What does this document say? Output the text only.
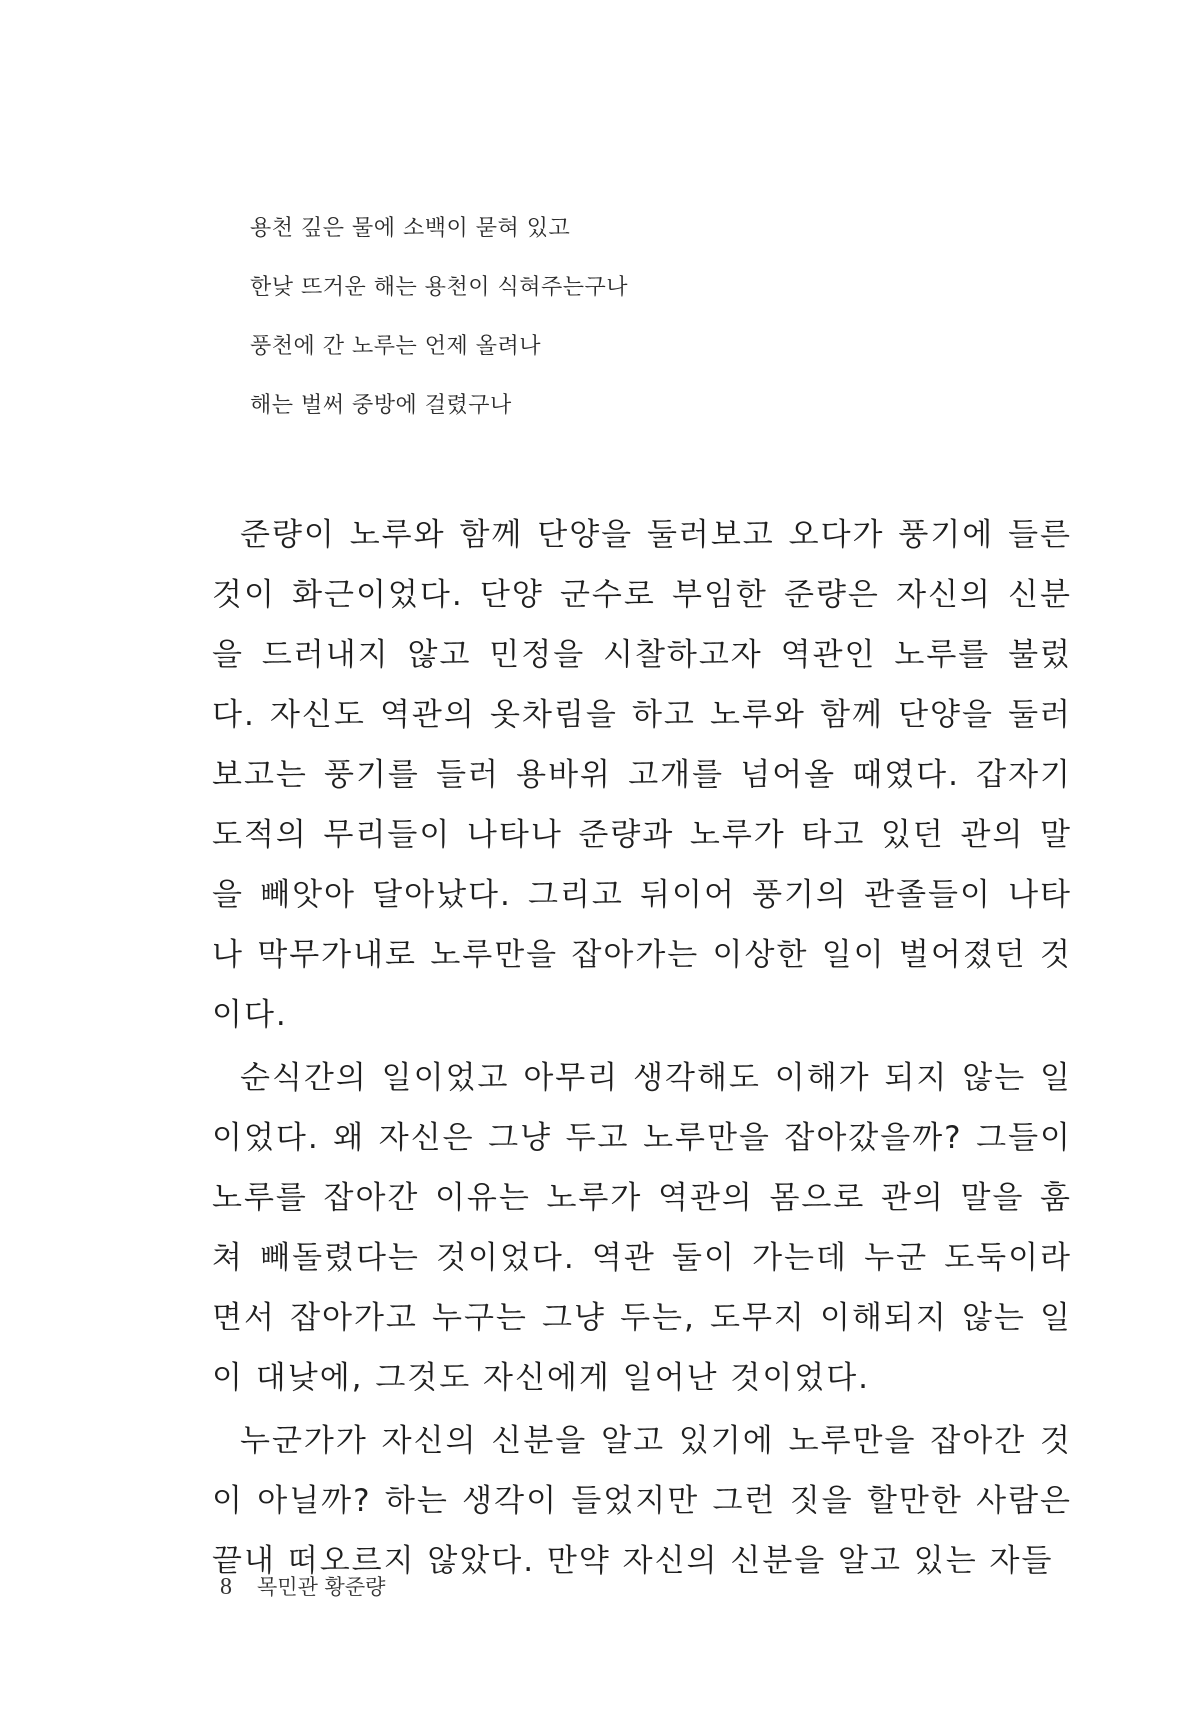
용천 깊은 물에 소백이 묻혀 있고

한낮 뜨거운 해는 용천이 식혀주는구나

풍천에 간 노루는 언제 올려나

해는 벌써 중방에 걸렸구나

준량이 노루와 함께 단양을 둘러보고 오다가 풍기에 들른 것이 화근이었다. 단양 군수로 부임한 준량은 자신의 신분을 드러내지 않고 민정을 시찰하고자 역관인 노루를 불렀다. 자신도 역관의 옷차림을 하고 노루와 함께 단양을 둘러보고는 풍기를 들러 용바위 고개를 넘어올 때였다. 갑자기 도적의 무리들이 나타나 준량과 노루가 타고 있던 관의 말을 빼앗아 달아났다. 그리고 뒤이어 풍기의 관졸들이 나타나 막무가내로 노루만을 잡아가는 이상한 일이 벌어졌던 것이다.

순식간의 일이었고 아무리 생각해도 이해가 되지 않는 일이었다. 왜 자신은 그냥 두고 노루만을 잡아갔을까? 그들이 노루를 잡아간 이유는 노루가 역관의 몸으로 관의 말을 훔쳐 빼돌렸다는 것이었다. 역관 둘이 가는데 누군 도둑이라면서 잡아가고 누구는 그냥 두는, 도무지 이해되지 않는 일이 대낮에, 그것도 자신에게 일어난 것이었다.

누군가가 자신의 신분을 알고 있기에 노루만을 잡아간 것이 아닐까? 하는 생각이 들었지만 그런 짓을 할만한 사람은 끝내 떠오르지 않았다. 만약 자신의 신분을 알고 있는 자들

8 목민관 황준량
